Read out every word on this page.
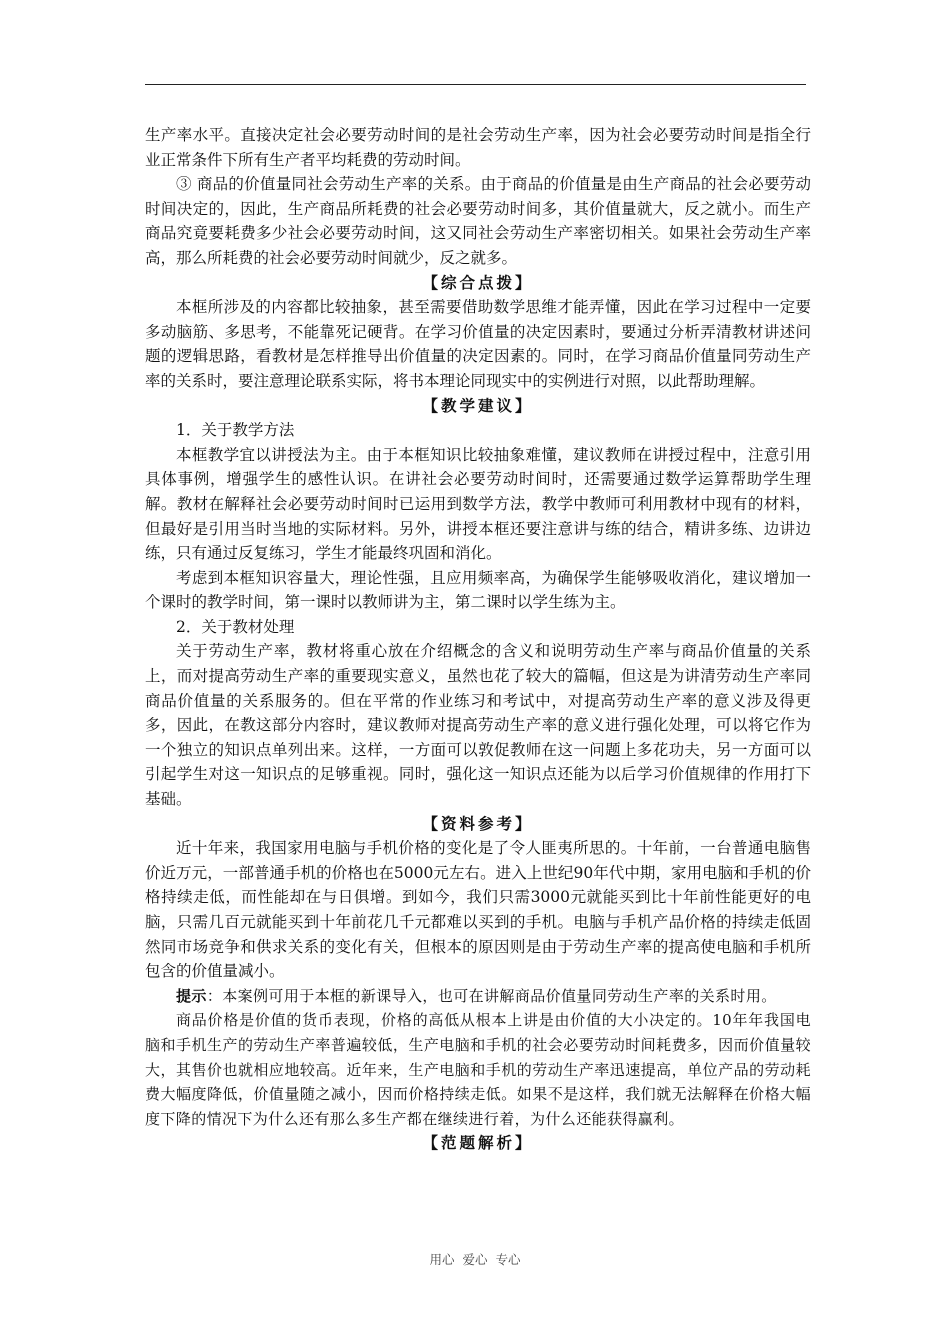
生产率水平。直接决定社会必要劳动时间的是社会劳动生产率，因为社会必要劳动时间是指全行业正常条件下所有生产者平均耗费的劳动时间。

③ 商品的价值量同社会劳动生产率的关系。由于商品的价值量是由生产商品的社会必要劳动时间决定的，因此，生产商品所耗费的社会必要劳动时间多，其价值量就大，反之就小。而生产商品究竟要耗费多少社会必要劳动时间，这又同社会劳动生产率密切相关。如果社会劳动生产率高，那么所耗费的社会必要劳动时间就少，反之就多。

【综合点拨】

本框所涉及的内容都比较抽象，甚至需要借助数学思维才能弄懂，因此在学习过程中一定要多动脑筋、多思考，不能靠死记硬背。在学习价值量的决定因素时，要通过分析弄清教材讲述问题的逻辑思路，看教材是怎样推导出价值量的决定因素的。同时，在学习商品价值量同劳动生产率的关系时，要注意理论联系实际，将书本理论同现实中的实例进行对照，以此帮助理解。

【教学建议】

1．关于教学方法

本框教学宜以讲授法为主。由于本框知识比较抽象难懂，建议教师在讲授过程中，注意引用具体事例，增强学生的感性认识。在讲社会必要劳动时间时，还需要通过数学运算帮助学生理解。教材在解释社会必要劳动时间时已运用到数学方法，教学中教师可利用教材中现有的材料，但最好是引用当时当地的实际材料。另外，讲授本框还要注意讲与练的结合，精讲多练、边讲边练，只有通过反复练习，学生才能最终巩固和消化。

考虑到本框知识容量大，理论性强，且应用频率高，为确保学生能够吸收消化，建议增加一个课时的教学时间，第一课时以教师讲为主，第二课时以学生练为主。

2．关于教材处理

关于劳动生产率，教材将重心放在介绍概念的含义和说明劳动生产率与商品价值量的关系上，而对提高劳动生产率的重要现实意义，虽然也花了较大的篇幅，但这是为讲清劳动生产率同商品价值量的关系服务的。但在平常的作业练习和考试中，对提高劳动生产率的意义涉及得更多，因此，在教这部分内容时，建议教师对提高劳动生产率的意义进行强化处理，可以将它作为一个独立的知识点单列出来。这样，一方面可以敦促教师在这一问题上多花功夫，另一方面可以引起学生对这一知识点的足够重视。同时，强化这一知识点还能为以后学习价值规律的作用打下基础。

【资料参考】

近十年来，我国家用电脑与手机价格的变化是了令人匪夷所思的。十年前，一台普通电脑售价近万元，一部普通手机的价格也在5000元左右。进入上世纪90年代中期，家用电脑和手机的价格持续走低，而性能却在与日俱增。到如今，我们只需3000元就能买到比十年前性能更好的电脑，只需几百元就能买到十年前花几千元都难以买到的手机。电脑与手机产品价格的持续走低固然同市场竞争和供求关系的变化有关，但根本的原因则是由于劳动生产率的提高使电脑和手机所包含的价值量减小。

提示：本案例可用于本框的新课导入，也可在讲解商品价值量同劳动生产率的关系时用。

商品价格是价值的货币表现，价格的高低从根本上讲是由价值的大小决定的。10年年我国电脑和手机生产的劳动生产率普遍较低，生产电脑和手机的社会必要劳动时间耗费多，因而价值量较大，其售价也就相应地较高。近年来，生产电脑和手机的劳动生产率迅速提高，单位产品的劳动耗费大幅度降低，价值量随之减小，因而价格持续走低。如果不是这样，我们就无法解释在价格大幅度下降的情况下为什么还有那么多生产都在继续进行着，为什么还能获得赢利。

【范题解析】

用心 爱心 专心
